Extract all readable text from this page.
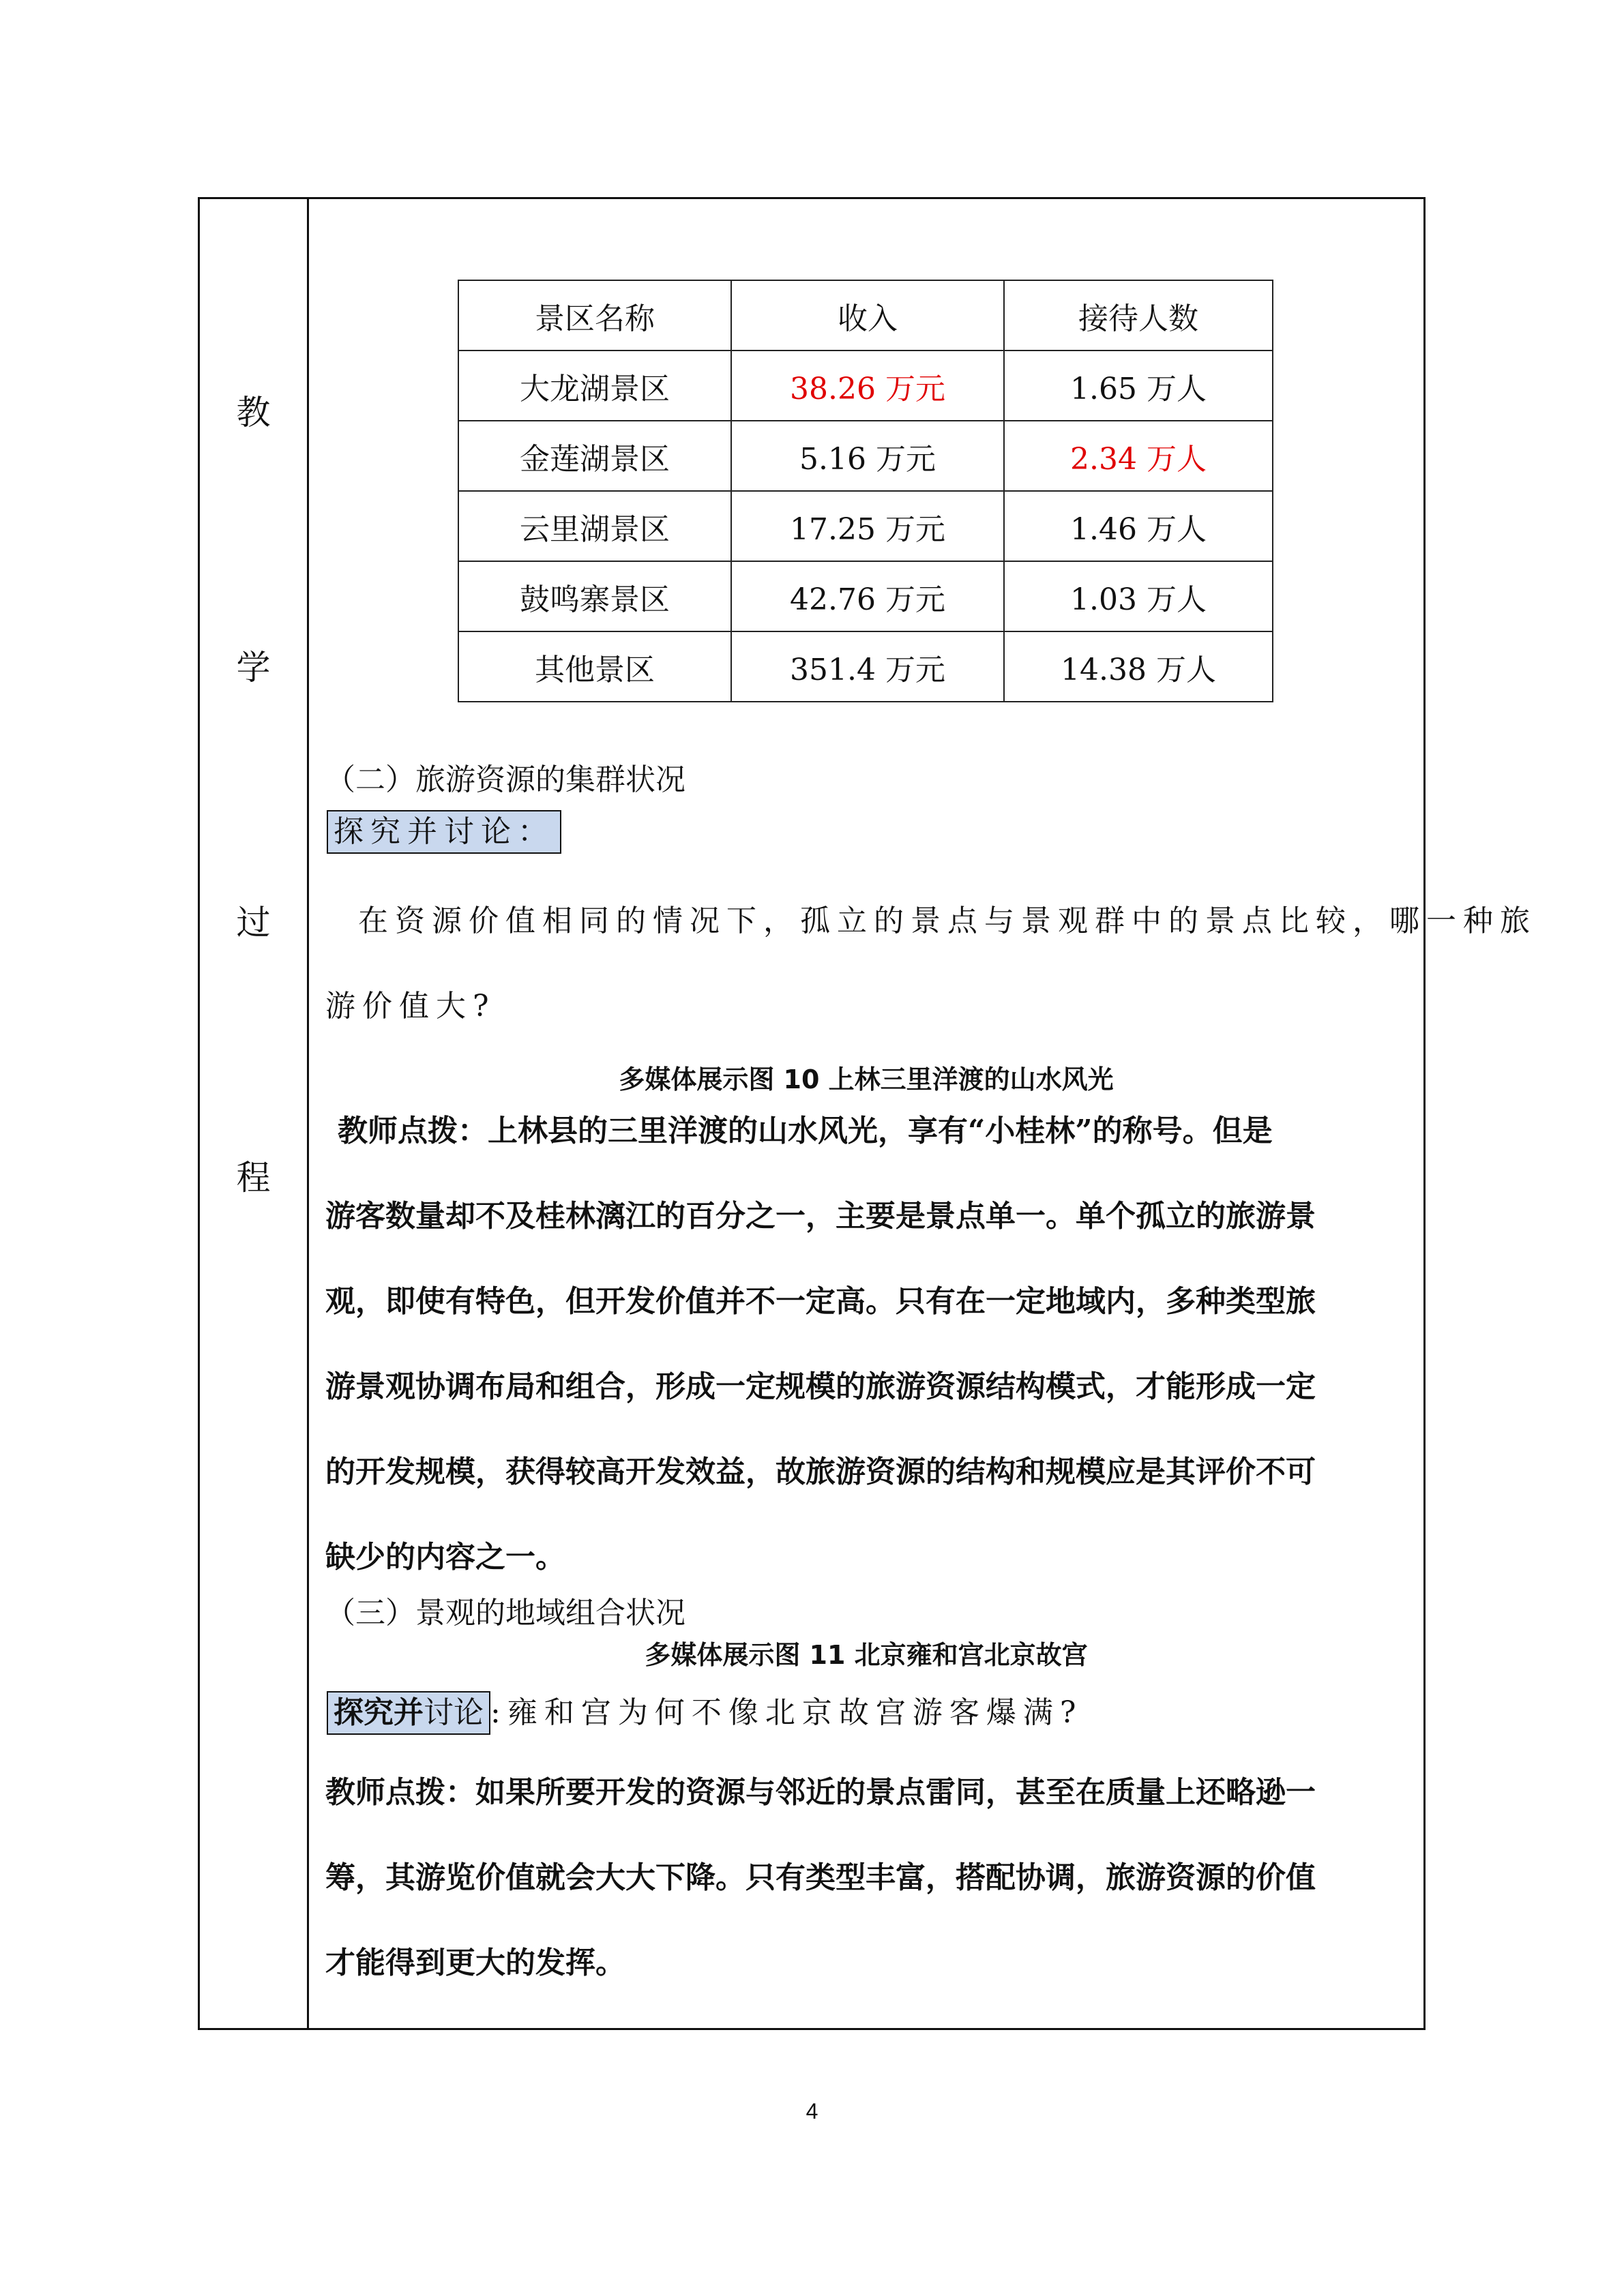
教
学
过
程
景区名称	收入	接待人数
大龙湖景区	38.26 万元	1.65 万人
金莲湖景区	5.16 万元	2.34 万人
云里湖景区	17.25 万元	1.46 万人
鼓鸣寨景区	42.76 万元	1.03 万人
其他景区	351.4 万元	14.38 万人
（二）旅游资源的集群状况
探究并讨论：
在资源价值相同的情况下，孤立的景点与景观群中的景点比较，哪一种旅
游价值大?
多媒体展示图 10 上林三里洋渡的山水风光
教师点拨：上林县的三里洋渡的山水风光，享有“小桂林”的称号。但是
游客数量却不及桂林漓江的百分之一，主要是景点单一。单个孤立的旅游景
观，即使有特色，但开发价值并不一定高。只有在一定地域内，多种类型旅
游景观协调布局和组合，形成一定规模的旅游资源结构模式，才能形成一定
的开发规模，获得较高开发效益，故旅游资源的结构和规模应是其评价不可
缺少的内容之一。
（三）景观的地域组合状况
多媒体展示图 11 北京雍和宫北京故宫
探究并讨论 :雍和宫为何不像北京故宫游客爆满?
教师点拨：如果所要开发的资源与邻近的景点雷同，甚至在质量上还略逊一
筹，其游览价值就会大大下降。只有类型丰富，搭配协调，旅游资源的价值
才能得到更大的发挥。
4
